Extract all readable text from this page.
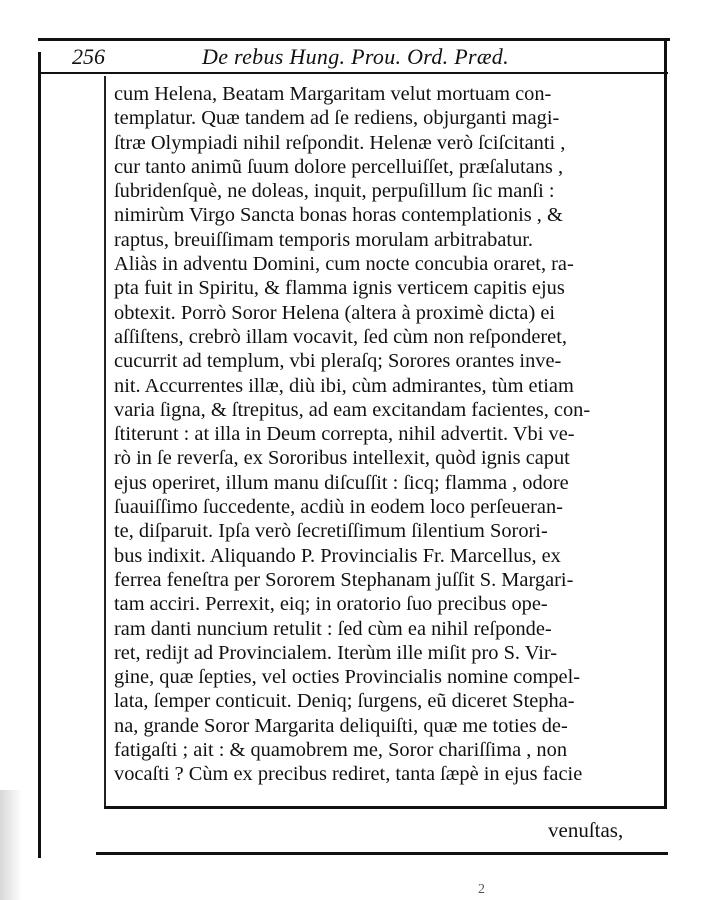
256	De rebus Hung. Prou. Ord. Præd.
cum Helena, Beatam Margaritam velut mortuam con-
templatur. Quæ tandem ad ſe rediens, objurganti magi-
ſtræ Olympiadi nihil reſpondit. Helenæ verò ſciſcitanti ,
cur tanto animũ ſuum dolore percelluiſſet, præſalutans ,
ſubridenſquè, ne doleas, inquit, perpuſillum ſic manſi :
nimirùm Virgo Sancta bonas horas contemplationis , &
raptus, breuiſſimam temporis morulam arbitrabatur.
Aliàs in adventu Domini, cum nocte concubia oraret, ra-
pta fuit in Spiritu, & flamma ignis verticem capitis ejus
obtexit. Porrò Soror Helena (altera à proximè dicta) ei
aſſiſtens, crebrò illam vocavit, ſed cùm non reſponderet,
cucurrit ad templum, vbi pleraſq; Sorores orantes inve-
nit. Accurrentes illæ, diù ibi, cùm admirantes, tùm etiam
varia ſigna, & ſtrepitus, ad eam excitandam facientes, con-
ſtiterunt : at illa in Deum correpta, nihil advertit. Vbi ve-
rò in ſe reverſa, ex Sororibus intellexit, quòd ignis caput
ejus operiret, illum manu diſcuſſit : ſicq; flamma , odore
ſuauiſſimo ſuccedente, acdiù in eodem loco perſeueran-
te, diſparuit. Ipſa verò ſecretiſſimum ſilentium Sorori-
bus indixit. Aliquando P. Provincialis Fr. Marcellus, ex
ferrea feneſtra per Sororem Stephanam juſſit S. Margari-
tam acciri. Perrexit, eiq; in oratorio ſuo precibus ope-
ram danti nuncium retulit : ſed cùm ea nihil reſponde-
ret, redijt ad Provincialem. Iterùm ille miſit pro S. Vir-
gine, quæ ſepties, vel octies Provincialis nomine compel-
lata, ſemper conticuit. Deniq; ſurgens, eũ diceret Stepha-
na, grande Soror Margarita deliquiſti, quæ me toties de-
fatigaſti ; ait : & quamobrem me, Soror chariſſima , non
vocaſti ? Cùm ex precibus rediret, tanta ſæpè in ejus facie
venuſtas,
2
